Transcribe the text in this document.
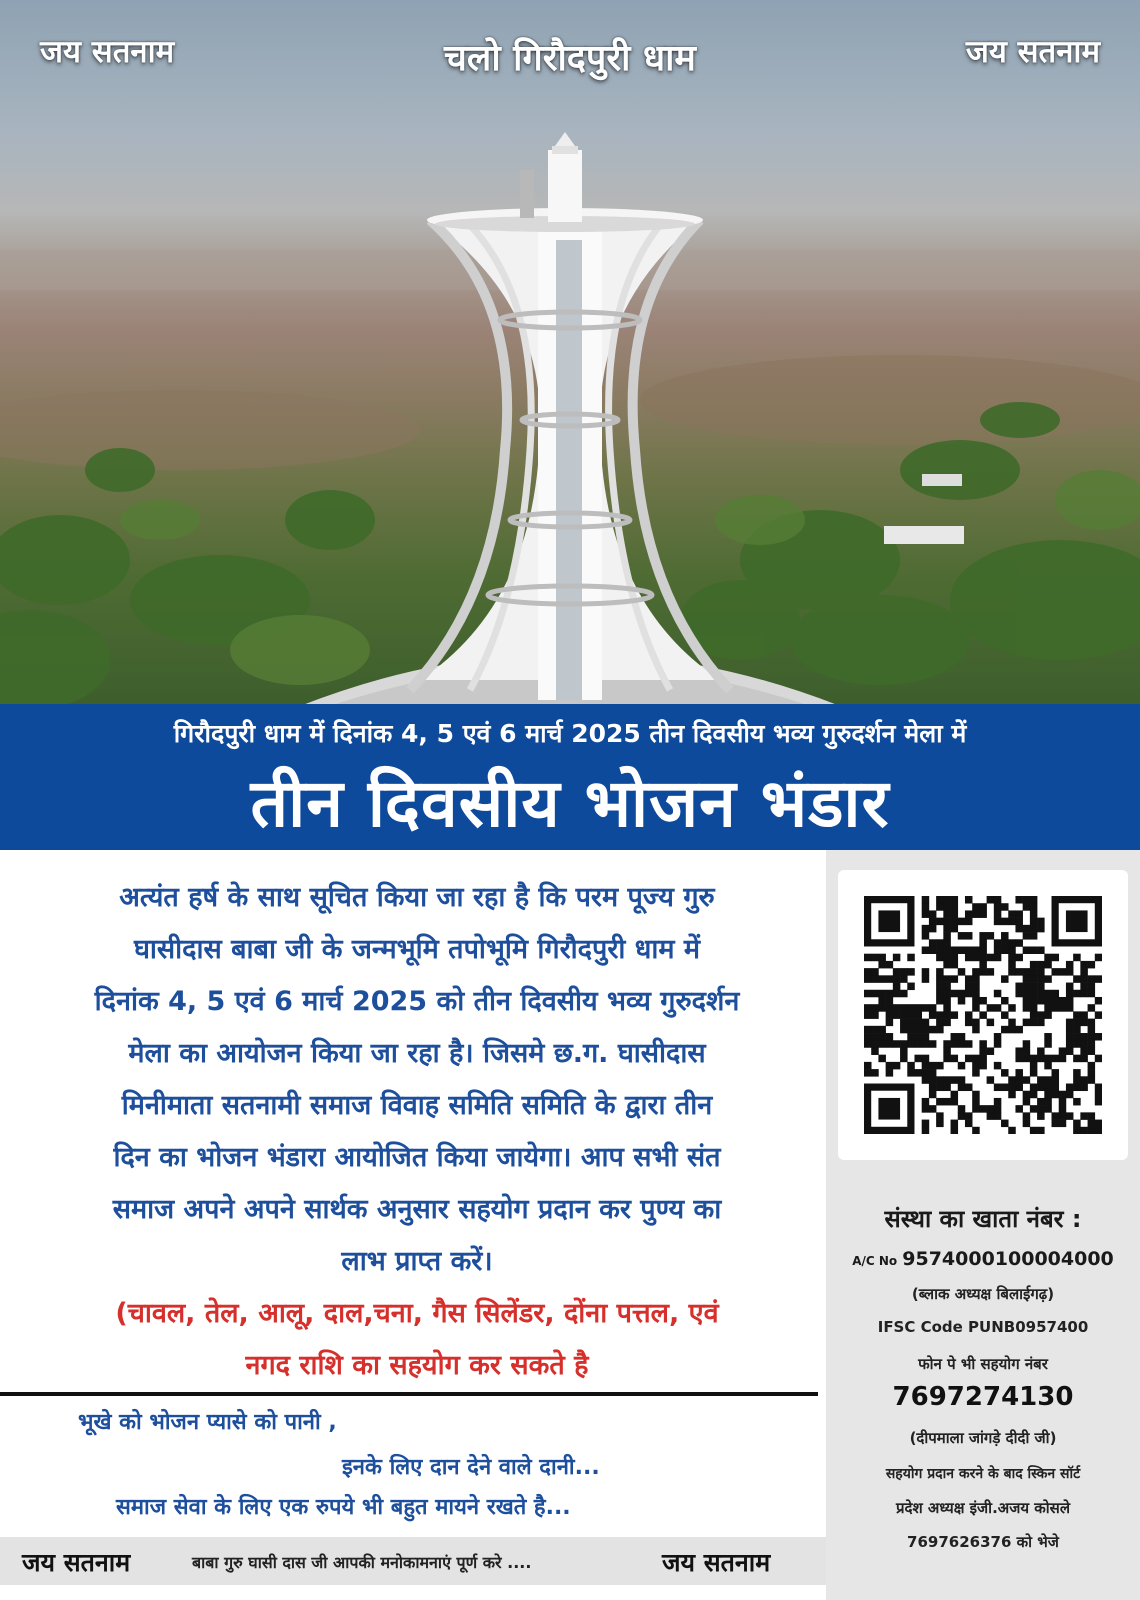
जय सतनाम	चलो गिरौदपुरी धाम	जय सतनाम
गिरौदपुरी धाम में दिनांक 4, 5 एवं 6 मार्च 2025 तीन दिवसीय भव्य गुरुदर्शन मेला में
तीन दिवसीय भोजन भंडार
अत्यंत हर्ष के साथ सूचित किया जा रहा है कि परम पूज्य गुरु
घासीदास बाबा जी के जन्मभूमि तपोभूमि गिरौदपुरी धाम में
दिनांक 4, 5 एवं 6 मार्च 2025 को तीन दिवसीय भव्य गुरुदर्शन
मेला का आयोजन किया जा रहा है। जिसमे छ.ग. घासीदास
मिनीमाता सतनामी समाज विवाह समिति समिति के द्वारा तीन
दिन का भोजन भंडारा आयोजित किया जायेगा। आप सभी संत
समाज अपने अपने सार्थक अनुसार सहयोग प्रदान कर पुण्य का
लाभ प्राप्त करें।
(चावल, तेल, आलू, दाल,चना, गैस सिलेंडर, दोंना पत्तल, एवं
नगद राशि का सहयोग कर सकते है
भूखे को भोजन प्यासे को पानी ,
इनके लिए दान देने वाले दानी...
समाज सेवा के लिए एक रुपये भी बहुत मायने रखते है...
जय सतनाम	बाबा गुरु घासी दास जी आपकी मनोकामनाएं पूर्ण करे ....	जय सतनाम
संस्था का खाता नंबर :
A/C No 9574000100004000
(ब्लाक अध्यक्ष बिलाईगढ़)
IFSC Code PUNB0957400
फोन पे भी सहयोग नंबर
7697274130
(दीपमाला जांगड़े दीदी जी)
सहयोग प्रदान करने के बाद स्किन सॉर्ट
प्रदेश अध्यक्ष इंजी.अजय कोसले
7697626376 को भेजे
